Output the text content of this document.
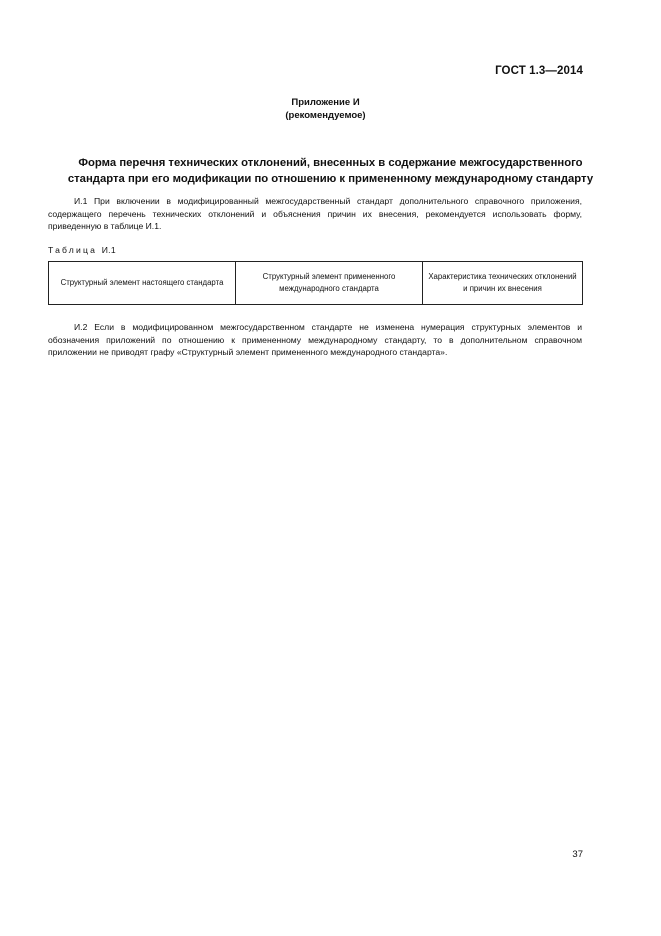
ГОСТ 1.3—2014
Приложение И
(рекомендуемое)
Форма перечня технических отклонений, внесенных в содержание межгосударственного
стандарта при его модификации по отношению к примененному международному стандарту
И.1 При включении в модифицированный межгосударственный стандарт дополнительного справочного приложения, содержащего перечень технических отклонений и объяснения причин их внесения, рекомендуется использовать форму, приведенную в таблице И.1.
Таблица И.1
Структурный элемент настоящего стандарта	Структурный элемент примененного международного стандарта	Характеристика технических отклонений и причин их внесения
И.2 Если в модифицированном межгосударственном стандарте не изменена нумерация структурных элементов и обозначения приложений по отношению к примененному международному стандарту, то в дополнительном справочном приложении не приводят графу «Структурный элемент примененного международного стандарта».
37
